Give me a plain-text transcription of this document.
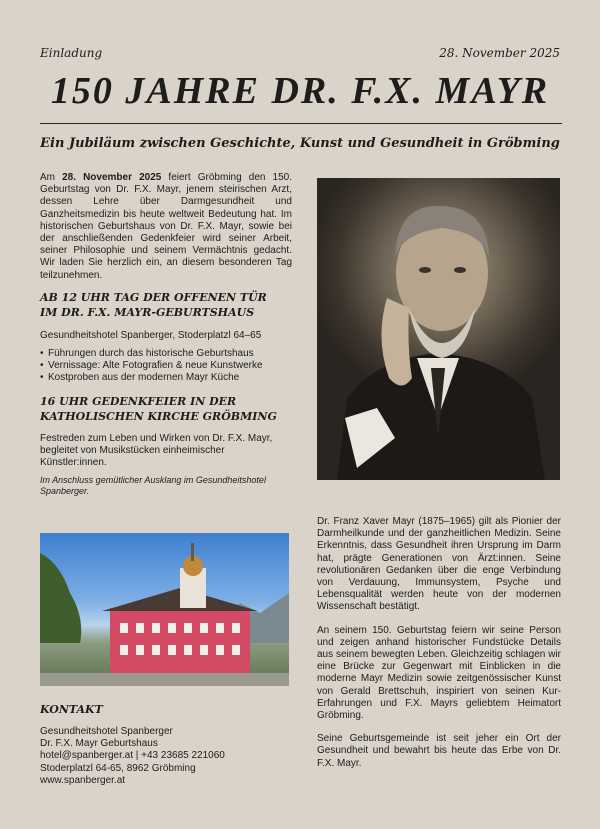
Einladung	28. November 2025
150 JAHRE DR. F.X. MAYR
Ein Jubiläum zwischen Geschichte, Kunst und Gesundheit in Gröbming

Am 28. November 2025 feiert Gröbming den 150. Geburtstag von Dr. F.X. Mayr, jenem steirischen Arzt, dessen Lehre über Darmgesundheit und Ganzheitsmedizin bis heute weltweit Bedeutung hat. Im historischen Geburtshaus von Dr. F.X. Mayr, sowie bei der anschließenden Gedenkfeier wird seiner Arbeit, seiner Philosophie und seinem Vermächtnis gedacht. Wir laden Sie herzlich ein, an diesem besonderen Tag teilzunehmen.

AB 12 UHR TAG DER OFFENEN TÜR
IM DR. F.X. MAYR-GEBURTSHAUS

Gesundheitshotel Spanberger, Stoderplatzl 64–65

• Führungen durch das historische Geburtshaus
• Vernissage: Alte Fotografien & neue Kunstwerke
• Kostproben aus der modernen Mayr Küche

16 UHR GEDENKFEIER IN DER
KATHOLISCHEN KIRCHE GRÖBMING

Festreden zum Leben und Wirken von Dr. F.X. Mayr, begleitet von Musikstücken einheimischer Künstler:innen.

Im Anschluss gemütlicher Ausklang im Gesundheitshotel Spanberger.

Dr. Franz Xaver Mayr (1875–1965) gilt als Pionier der Darmheilkunde und der ganzheitlichen Medizin. Seine Erkenntnis, dass Gesundheit ihren Ursprung im Darm hat, prägte Generationen von Ärzt:innen. Seine revolutionären Gedanken über die enge Verbindung von Verdauung, Immunsystem, Psyche und Lebensqualität werden heute von der modernen Wissenschaft bestätigt.

An seinem 150. Geburtstag feiern wir seine Person und zeigen anhand historischer Fundstücke Details aus seinem bewegten Leben. Gleichzeitig schlagen wir eine Brücke zur Gegenwart mit Einblicken in die moderne Mayr Medizin sowie zeitgenössischer Kunst von Gerald Brettschuh, inspiriert von seinen Kur-Erfahrungen und F.X. Mayrs geliebtem Heimatort Gröbming.

Seine Geburtsgemeinde ist seit jeher ein Ort der Gesundheit und bewahrt bis heute das Erbe von Dr. F.X. Mayr.

KONTAKT
Gesundheitshotel Spanberger
Dr. F.X. Mayr Geburtshaus
hotel@spanberger.at | +43 23685 221060
Stoderplatzl 64-65, 8962 Gröbming
www.spanberger.at
